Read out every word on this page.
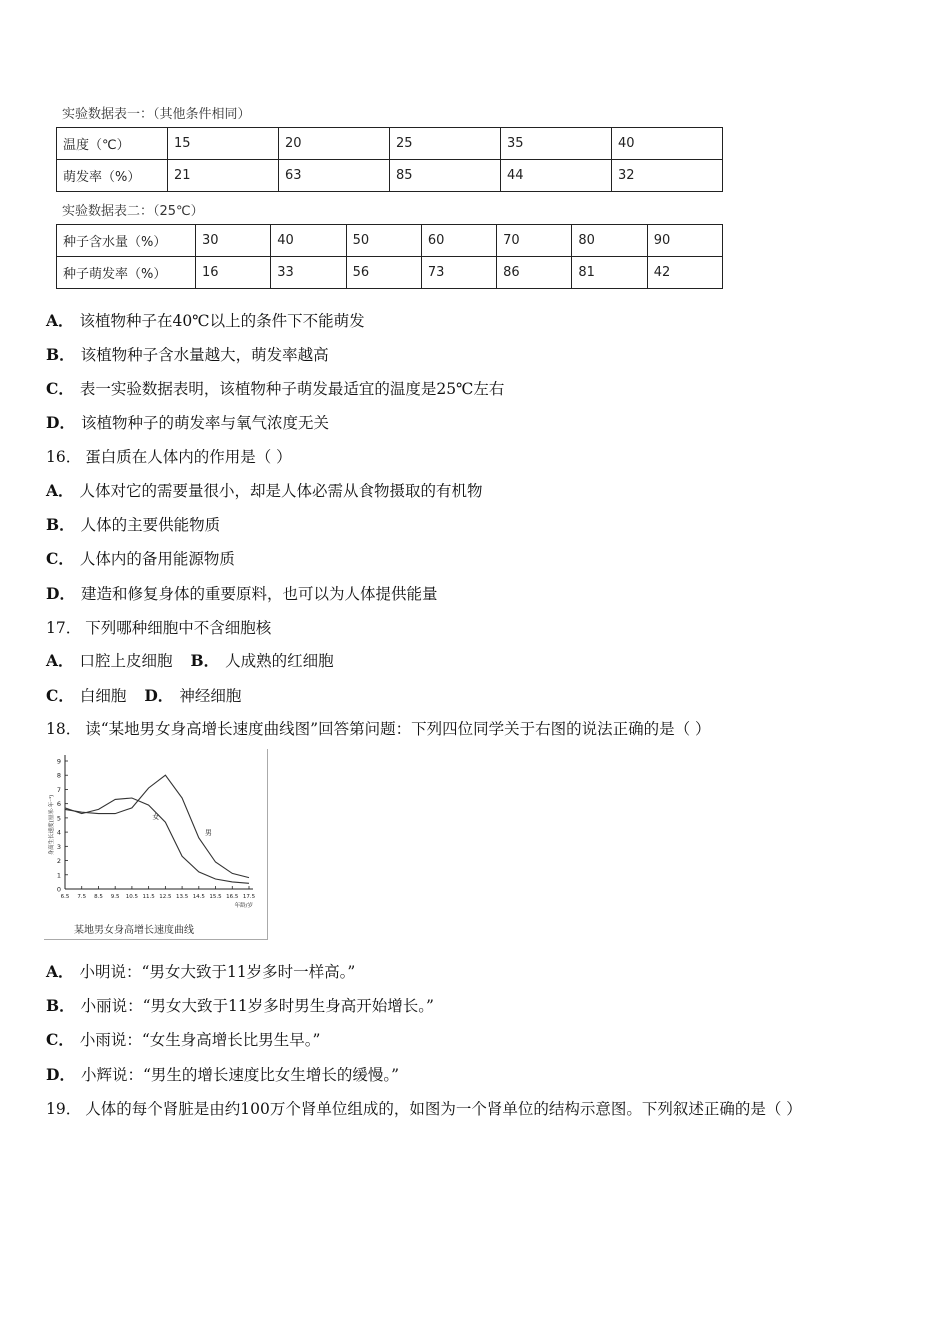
实验数据表一：（其他条件相同）
温度（℃）	15	20	25	35	40
萌发率（%）	21	63	85	44	32
实验数据表二：（25℃）
种子含水量（%）	30	40	50	60	70	80	90
种子萌发率（%）	16	33	56	73	86	81	42
A． 该植物种子在40℃以上的条件下不能萌发
B． 该植物种子含水量越大，萌发率越高
C． 表一实验数据表明，该植物种子萌发最适宜的温度是25℃左右
D． 该植物种子的萌发率与氧气浓度无关
16． 蛋白质在人体内的作用是（ ）
A． 人体对它的需要量很小，却是人体必需从食物摄取的有机物
B． 人体的主要供能物质
C． 人体内的备用能源物质
D． 建造和修复身体的重要原料，也可以为人体提供能量
17． 下列哪种细胞中不含细胞核
A． 口腔上皮细胞 B． 人成熟的红细胞
C． 白细胞 D． 神经细胞
18． 读“某地男女身高增长速度曲线图”回答第问题：下列四位同学关于右图的说法正确的是（ ）
0
1
2
3
4
5
6
7
8
9
6.5 7.5 8.5 9.5 10.5 11.5 12.5 13.5 14.5 15.5 16.5 17.5
年龄/岁
身高生长速度(厘米·年⁻¹)	男
女
某地男女身高增长速度曲线
A． 小明说：“男女大致于11岁多时一样高。”
B． 小丽说：“男女大致于11岁多时男生身高开始增长。”
C． 小雨说：“女生身高增长比男生早。”
D． 小辉说：“男生的增长速度比女生增长的缓慢。”
19． 人体的每个肾脏是由约100万个肾单位组成的，如图为一个肾单位的结构示意图。下列叙述正确的是（ ）
